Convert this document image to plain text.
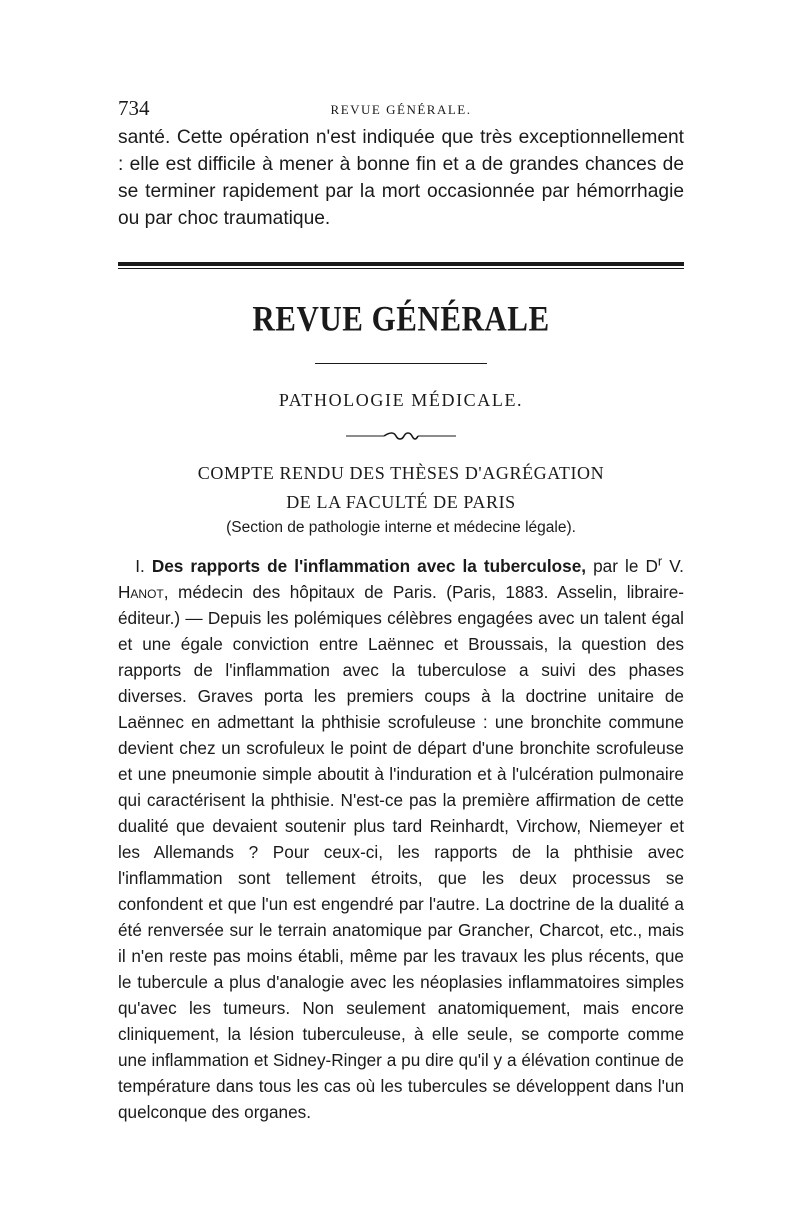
734	REVUE GÉNÉRALE.

santé. Cette opération n'est indiquée que très exceptionnellement : elle est difficile à mener à bonne fin et a de grandes chances de se terminer rapidement par la mort occasionnée par hémorrhagie ou par choc traumatique.

REVUE GÉNÉRALE
PATHOLOGIE MÉDICALE.
COMPTE RENDU DES THÈSES D'AGRÉGATION
DE LA FACULTÉ DE PARIS
(Section de pathologie interne et médecine légale).

 I. Des rapports de l'inflammation avec la tuberculose, par le $D^r$ V. Hanot, médecin des hôpitaux de Paris. (Paris, 1883. Asselin, libraire-éditeur.) — Depuis les polémiques célèbres engagées avec un talent égal et une égale conviction entre Laënnec et Broussais, la question des rapports de l'inflammation avec la tuberculose a suivi des phases diverses. Graves porta les premiers coups à la doctrine unitaire de Laënnec en admettant la phthisie scrofuleuse : une bronchite commune devient chez un scrofuleux le point de départ d'une bronchite scrofuleuse et une pneumonie simple aboutit à l'induration et à l'ulcération pulmonaire qui caractérisent la phthisie. N'est-ce pas la première affirmation de cette dualité que devaient soutenir plus tard Reinhardt, Virchow, Niemeyer et les Allemands ? Pour ceux-ci, les rapports de la phthisie avec l'inflammation sont tellement étroits, que les deux processus se confondent et que l'un est engendré par l'autre. La doctrine de la dualité a été renversée sur le terrain anatomique par Grancher, Charcot, etc., mais il n'en reste pas moins établi, même par les travaux les plus récents, que le tubercule a plus d'analogie avec les néoplasies inflammatoires simples qu'avec les tumeurs. Non seulement anatomiquement, mais encore cliniquement, la lésion tuberculeuse, à elle seule, se comporte comme une inflammation et Sidney-Ringer a pu dire qu'il y a élévation continue de température dans tous les cas où les tubercules se développent dans l'un quelconque des organes.
